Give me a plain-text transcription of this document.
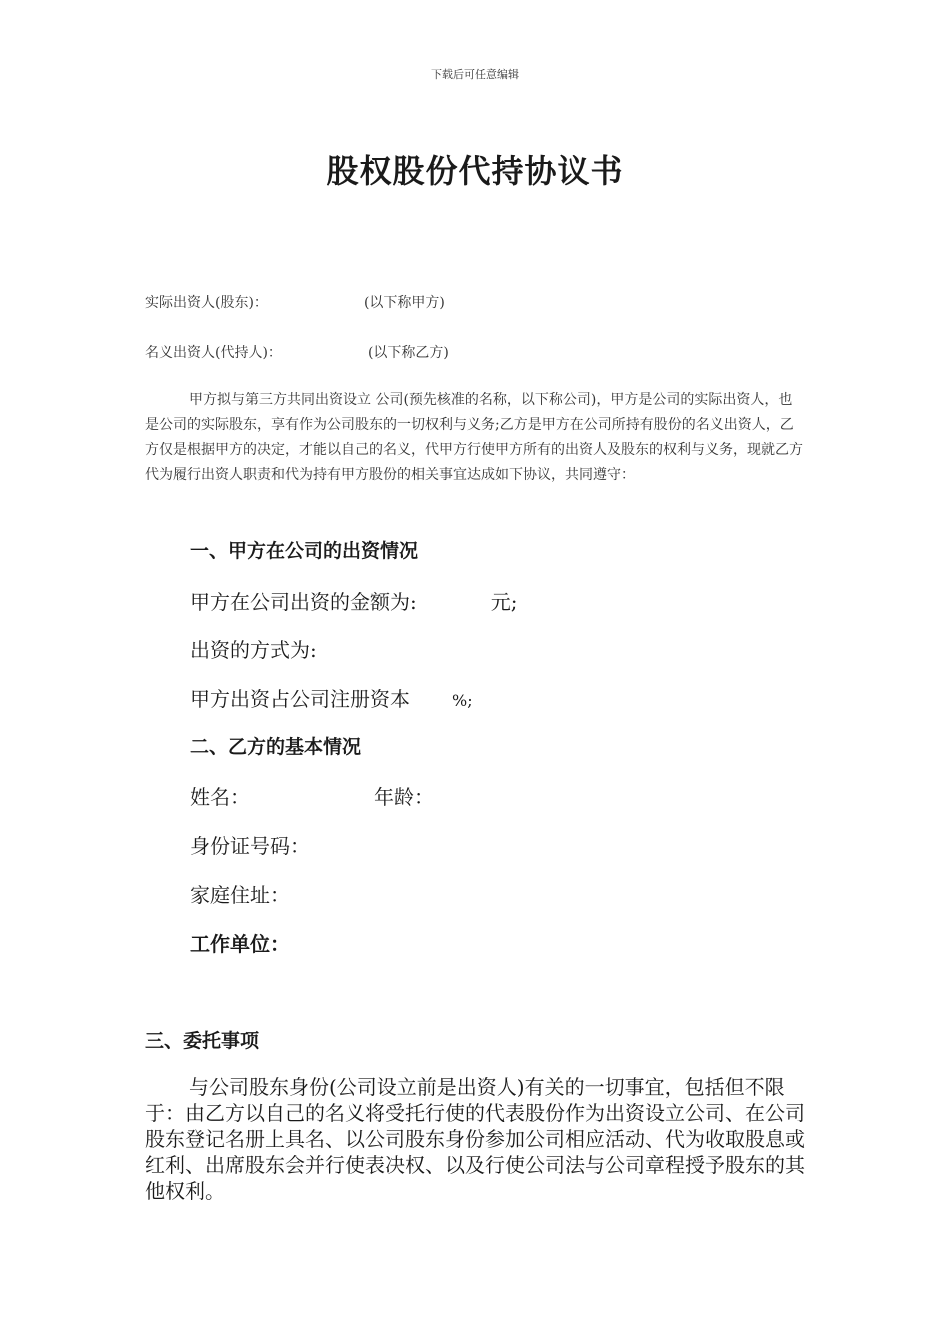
下载后可任意编辑
股权股份代持协议书
实际出资人(股东)：	(以下称甲方)
名义出资人(代持人)：	(以下称乙方)

甲方拟与第三方共同出资设立 公司(预先核准的名称，以下称公司)，甲方是公司的实际出资人，也是公司的实际股东，享有作为公司股东的一切权利与义务;乙方是甲方在公司所持有股份的名义出资人，乙方仅是根据甲方的决定，才能以自己的名义，代甲方行使甲方所有的出资人及股东的权利与义务，现就乙方代为履行出资人职责和代为持有甲方股份的相关事宜达成如下协议，共同遵守：

一、甲方在公司的出资情况
甲方在公司出资的金额为:	元;
出资的方式为:
甲方出资占公司注册资本	%;
二、乙方的基本情况
姓名：	年龄：
身份证号码：
家庭住址：
工作单位：
三、委托事项

与公司股东身份(公司设立前是出资人)有关的一切事宜，包括但不限于：由乙方以自己的名义将受托行使的代表股份作为出资设立公司、在公司股东登记名册上具名、以公司股东身份参加公司相应活动、代为收取股息或红利、出席股东会并行使表决权、以及行使公司法与公司章程授予股东的其他权利。
